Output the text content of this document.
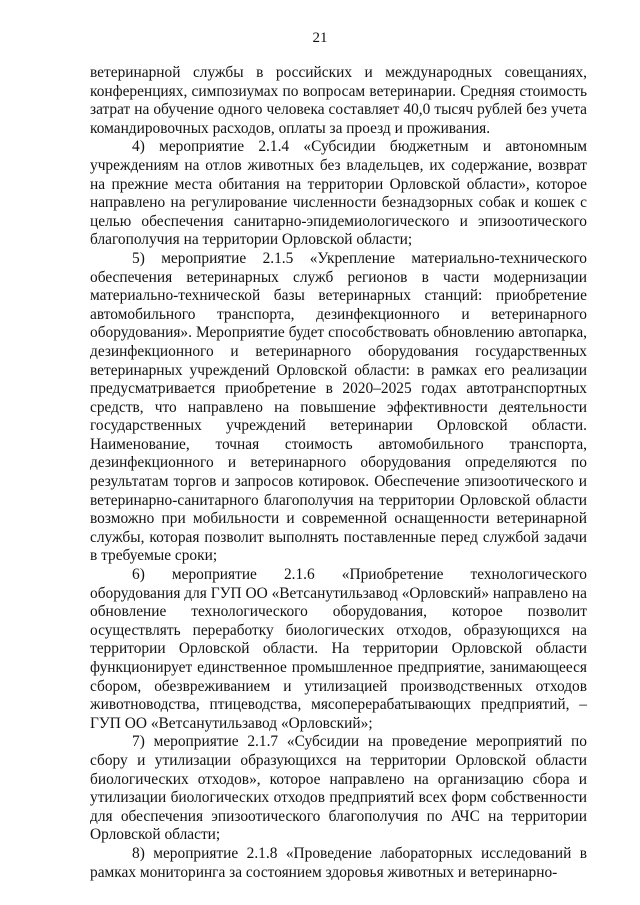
21

ветеринарной службы в российских и международных совещаниях, конференциях, симпозиумах по вопросам ветеринарии. Средняя стоимость затрат на обучение одного человека составляет 40,0 тысяч рублей без учета командировочных расходов, оплаты за проезд и проживания.

4) мероприятие 2.1.4 «Субсидии бюджетным и автономным учреждениям на отлов животных без владельцев, их содержание, возврат на прежние места обитания на территории Орловской области», которое направлено на регулирование численности безнадзорных собак и кошек с целью обеспечения санитарно-эпидемиологического и эпизоотического благополучия на территории Орловской области;

5) мероприятие 2.1.5 «Укрепление материально-технического обеспечения ветеринарных служб регионов в части модернизации материально-технической базы ветеринарных станций: приобретение автомобильного транспорта, дезинфекционного и ветеринарного оборудования». Мероприятие будет способствовать обновлению автопарка, дезинфекционного и ветеринарного оборудования государственных ветеринарных учреждений Орловской области: в рамках его реализации предусматривается приобретение в 2020–2025 годах автотранспортных средств, что направлено на повышение эффективности деятельности государственных учреждений ветеринарии Орловской области. Наименование, точная стоимость автомобильного транспорта, дезинфекционного и ветеринарного оборудования определяются по результатам торгов и запросов котировок. Обеспечение эпизоотического и ветеринарно-санитарного благополучия на территории Орловской области возможно при мобильности и современной оснащенности ветеринарной службы, которая позволит выполнять поставленные перед службой задачи в требуемые сроки;

6) мероприятие 2.1.6 «Приобретение технологического оборудования для ГУП ОО «Ветсанутильзавод «Орловский» направлено на обновление технологического оборудования, которое позволит осуществлять переработку биологических отходов, образующихся на территории Орловской области. На территории Орловской области функционирует единственное промышленное предприятие, занимающееся сбором, обезвреживанием и утилизацией производственных отходов животноводства, птицеводства, мясоперерабатывающих предприятий, – ГУП ОО «Ветсанутильзавод «Орловский»;

7) мероприятие 2.1.7 «Субсидии на проведение мероприятий по сбору и утилизации образующихся на территории Орловской области биологических отходов», которое направлено на организацию сбора и утилизации биологических отходов предприятий всех форм собственности для обеспечения эпизоотического благополучия по АЧС на территории Орловской области;

8) мероприятие 2.1.8 «Проведение лабораторных исследований в рамках мониторинга за состоянием здоровья животных и ветеринарно-
